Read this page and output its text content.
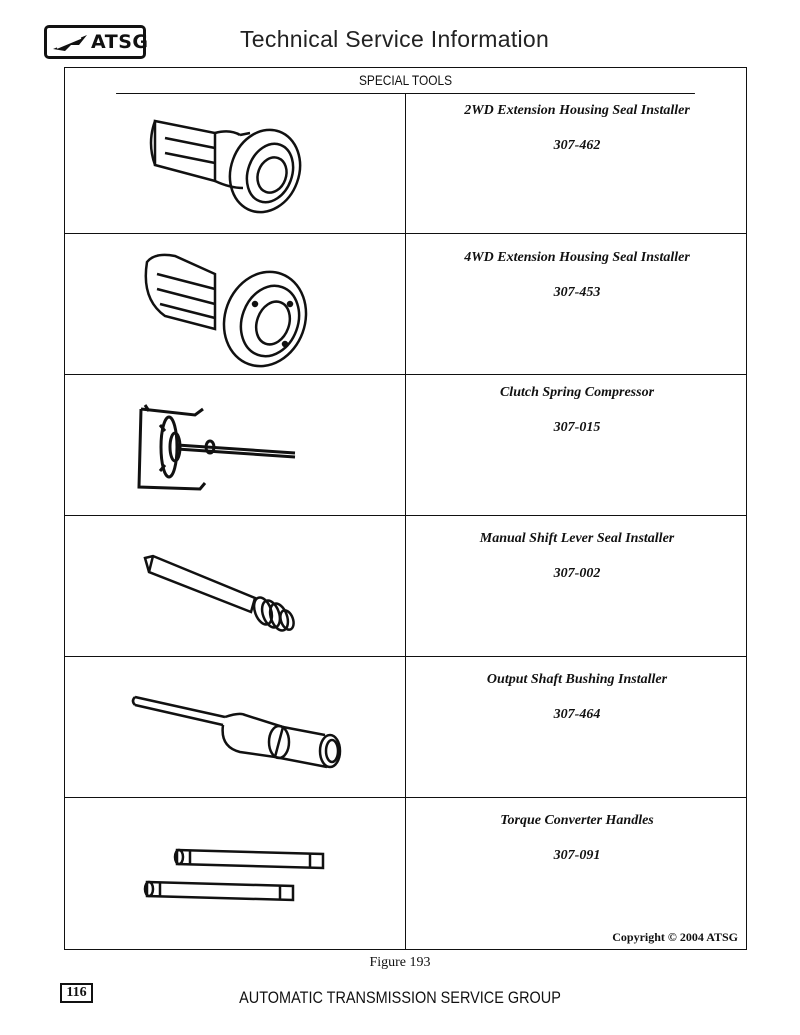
ATSG	Technical Service Information
SPECIAL TOOLS
2WD Extension Housing Seal Installer
307-462
4WD Extension Housing Seal Installer
307-453
Clutch Spring Compressor
307-015
Manual Shift Lever Seal Installer
307-002
Output Shaft Bushing Installer
307-464
Torque Converter Handles
307-091
Copyright © 2004 ATSG
Figure 193
116	AUTOMATIC TRANSMISSION SERVICE GROUP
